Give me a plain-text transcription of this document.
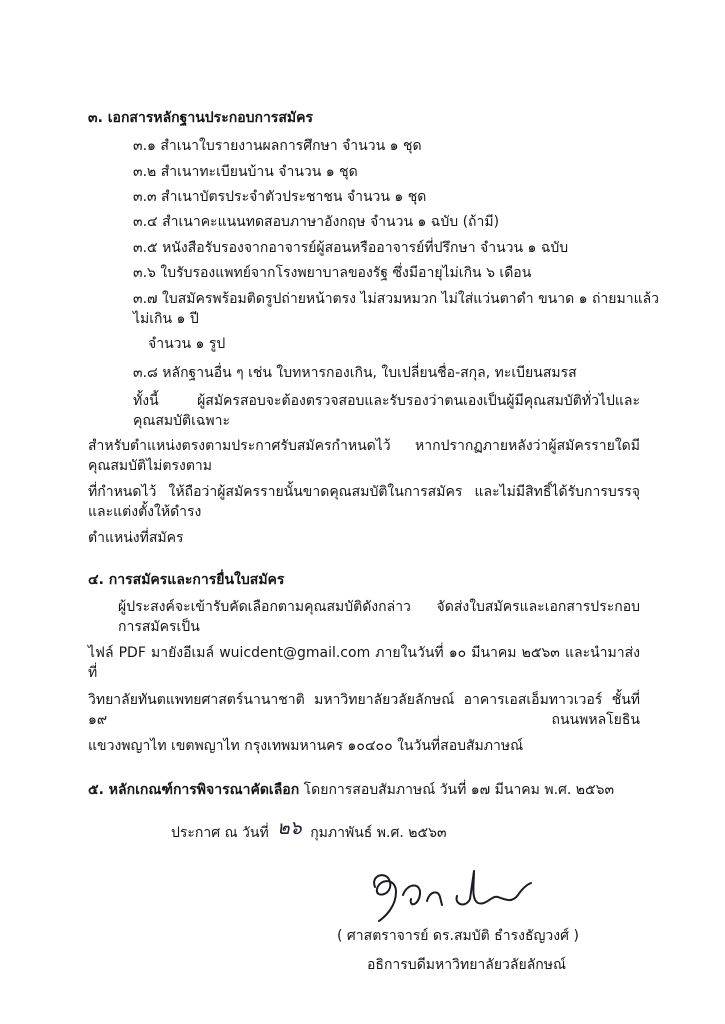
๓. เอกสารหลักฐานประกอบการสมัคร

๓.๑ สำเนาใบรายงานผลการศึกษา จำนวน ๑ ชุด

๓.๒ สำเนาทะเบียนบ้าน จำนวน ๑ ชุด

๓.๓ สำเนาบัตรประจำตัวประชาชน จำนวน ๑ ชุด

๓.๔ สำเนาคะแนนทดสอบภาษาอังกฤษ จำนวน ๑ ฉบับ (ถ้ามี)

๓.๕ หนังสือรับรองจากอาจารย์ผู้สอนหรืออาจารย์ที่ปรึกษา จำนวน ๑ ฉบับ

๓.๖ ใบรับรองแพทย์จากโรงพยาบาลของรัฐ ซึ่งมีอายุไม่เกิน ๖ เดือน

๓.๗ ใบสมัครพร้อมติดรูปถ่ายหน้าตรง ไม่สวมหมวก ไม่ใส่แว่นตาดำ ขนาด ๑ ถ่ายมาแล้ว ไม่เกิน ๑ ปี

จำนวน ๑ รูป

๓.๘ หลักฐานอื่น ๆ เช่น ใบทหารกองเกิน, ใบเปลี่ยนชื่อ-สกุล, ทะเบียนสมรส

ทั้งนี้ ผู้สมัครสอบจะต้องตรวจสอบและรับรองว่าตนเองเป็นผู้มีคุณสมบัติทั่วไปและคุณสมบัติเฉพาะ

สำหรับตำแหน่งตรงตามประกาศรับสมัครกำหนดไว้ หากปรากฏภายหลังว่าผู้สมัครรายใดมีคุณสมบัติไม่ตรงตาม

ที่กำหนดไว้ ให้ถือว่าผู้สมัครรายนั้นขาดคุณสมบัติในการสมัคร และไม่มีสิทธิ์ได้รับการบรรจุและแต่งตั้งให้ดำรง

ตำแหน่งที่สมัคร

๔. การสมัครและการยื่นใบสมัคร

ผู้ประสงค์จะเข้ารับคัดเลือกตามคุณสมบัติดังกล่าว จัดส่งใบสมัครและเอกสารประกอบการสมัครเป็น

ไฟล์ PDF มายังอีเมล์ wuicdent@gmail.com ภายในวันที่ ๑๐ มีนาคม ๒๕๖๓ และนำมาส่งที่

วิทยาลัยทันตแพทยศาสตร์นานาชาติ มหาวิทยาลัยวลัยลักษณ์ อาคารเอสเอ็มทาวเวอร์ ชั้นที่ ๑๙ ถนนพหลโยธิน

แขวงพญาไท เขตพญาไท กรุงเทพมหานคร ๑๐๔๐๐ ในวันที่สอบสัมภาษณ์

๕. หลักเกณฑ์การพิจารณาคัดเลือก โดยการสอบสัมภาษณ์ วันที่ ๑๗ มีนาคม พ.ศ. ๒๕๖๓

ประกาศ ณ วันที่ ๒๖ กุมภาพันธ์ พ.ศ. ๒๕๖๓

( ศาสตราจารย์ ดร.สมบัติ ธำรงธัญวงศ์ )

อธิการบดีมหาวิทยาลัยวลัยลักษณ์
